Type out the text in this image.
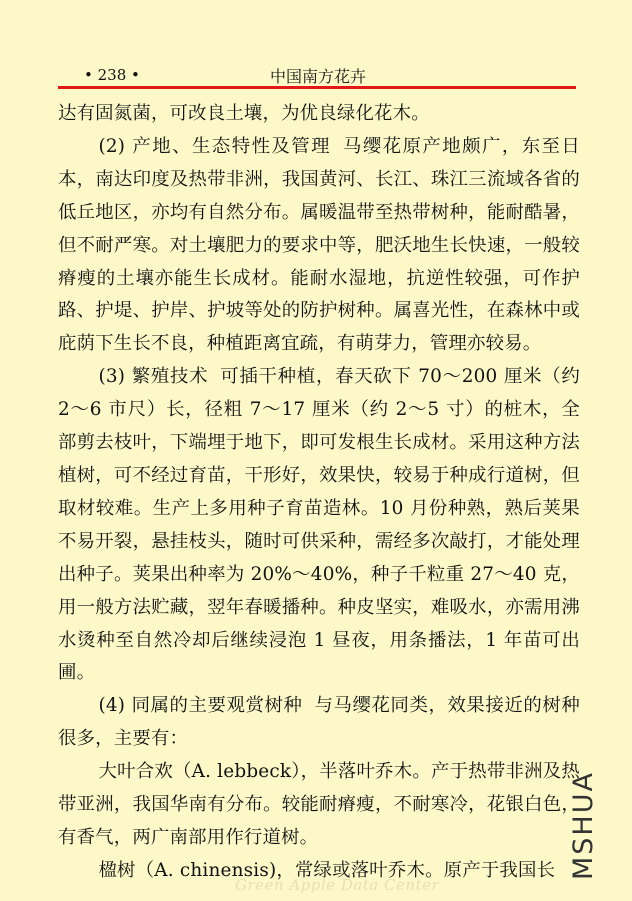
• 238 •	中国南方花卉

达有固氮菌，可改良土壤，为优良绿化花木。

(2) 产地、生态特性及管理 马缨花原产地颇广，东至日本，南达印度及热带非洲，我国黄河、长江、珠江三流域各省的低丘地区，亦均有自然分布。属暖温带至热带树种，能耐酷暑，但不耐严寒。对土壤肥力的要求中等，肥沃地生长快速，一般较瘠瘦的土壤亦能生长成材。能耐水湿地，抗逆性较强，可作护路、护堤、护岸、护坡等处的防护树种。属喜光性，在森林中或庇荫下生长不良，种植距离宜疏，有萌芽力，管理亦较易。

(3) 繁殖技术 可插干种植，春天砍下 70～200 厘米（约 2～6 市尺）长，径粗 7～17 厘米（约 2～5 寸）的桩木，全部剪去枝叶，下端埋于地下，即可发根生长成材。采用这种方法植树，可不经过育苗，干形好，效果快，较易于种成行道树，但取材较难。生产上多用种子育苗造林。10 月份种熟，熟后荚果不易开裂，悬挂枝头，随时可供采种，需经多次敲打，才能处理出种子。荚果出种率为 20%～40%，种子千粒重 27～40 克，用一般方法贮藏，翌年春暖播种。种皮坚实，难吸水，亦需用沸水烫种至自然冷却后继续浸泡 1 昼夜，用条播法，1 年苗可出圃。

(4) 同属的主要观赏树种 与马缨花同类，效果接近的树种很多，主要有：

大叶合欢（A. lebbeck），半落叶乔木。产于热带非洲及热带亚洲，我国华南有分布。较能耐瘠瘦，不耐寒冷，花银白色，有香气，两广南部用作行道树。

楹树（A. chinensis)，常绿或落叶乔木。原产于我国长 MSHUA
Green Apple Data Center
